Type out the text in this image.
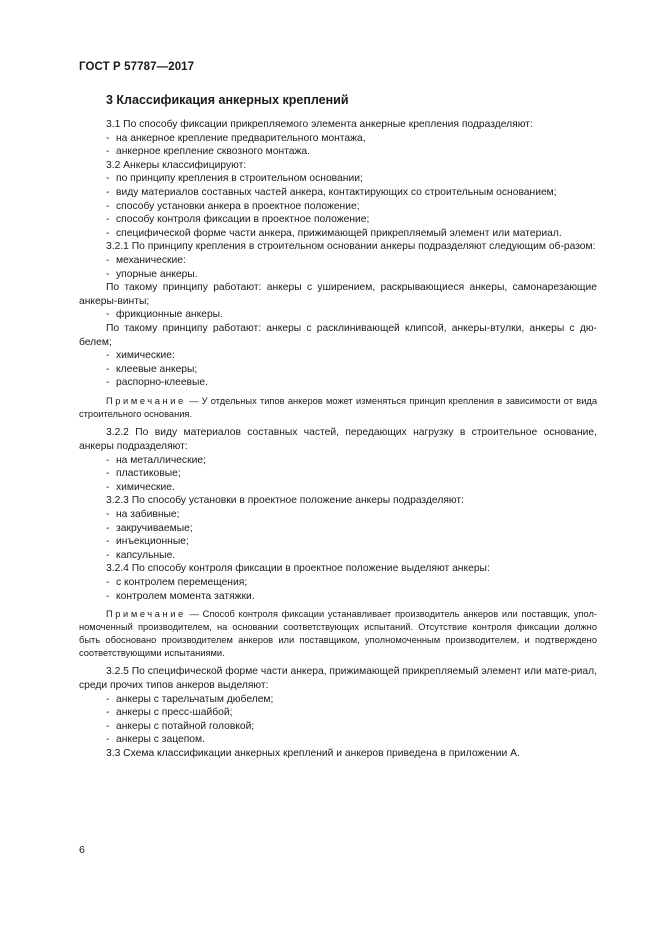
ГОСТ Р 57787—2017
3 Классификация анкерных креплений
3.1 По способу фиксации прикрепляемого элемента анкерные крепления подразделяют:
- на анкерное крепление предварительного монтажа,
- анкерное крепление сквозного монтажа.
3.2 Анкеры классифицируют:
- по принципу крепления в строительном основании;
- виду материалов составных частей анкера, контактирующих со строительным основанием;
- способу установки анкера в проектное положение;
- способу контроля фиксации в проектное положение;
- специфической форме части анкера, прижимающей прикрепляемый элемент или материал.
3.2.1 По принципу крепления в строительном основании анкеры подразделяют следующим об-разом:
- механические:
- упорные анкеры.
По такому принципу работают: анкеры с уширением, раскрывающиеся анкеры, самонарезающие анкеры-винты;
- фрикционные анкеры.
По такому принципу работают: анкеры с расклинивающей клипсой, анкеры-втулки, анкеры с дю-белем;
- химические:
- клеевые анкеры;
- распорно-клеевые.
Примечание — У отдельных типов анкеров может изменяться принцип крепления в зависимости от вида строительного основания.
3.2.2 По виду материалов составных частей, передающих нагрузку в строительное основание, анкеры подразделяют:
- на металлические;
- пластиковые;
- химические.
3.2.3 По способу установки в проектное положение анкеры подразделяют:
- на забивные;
- закручиваемые;
- инъекционные;
- капсульные.
3.2.4 По способу контроля фиксации в проектное положение выделяют анкеры:
- с контролем перемещения;
- контролем момента затяжки.
Примечание — Способ контроля фиксации устанавливает производитель анкеров или поставщик, упол-номоченный производителем, на основании соответствующих испытаний. Отсутствие контроля фиксации должно быть обосновано производителем анкеров или поставщиком, уполномоченным производителем, и подтверждено соответствующими испытаниями.
3.2.5 По специфической форме части анкера, прижимающей прикрепляемый элемент или мате-риал, среди прочих типов анкеров выделяют:
- анкеры с тарельчатым дюбелем;
- анкеры с пресс-шайбой;
- анкеры с потайной головкой;
- анкеры с зацепом.
3.3 Схема классификации анкерных креплений и анкеров приведена в приложении А.
6
